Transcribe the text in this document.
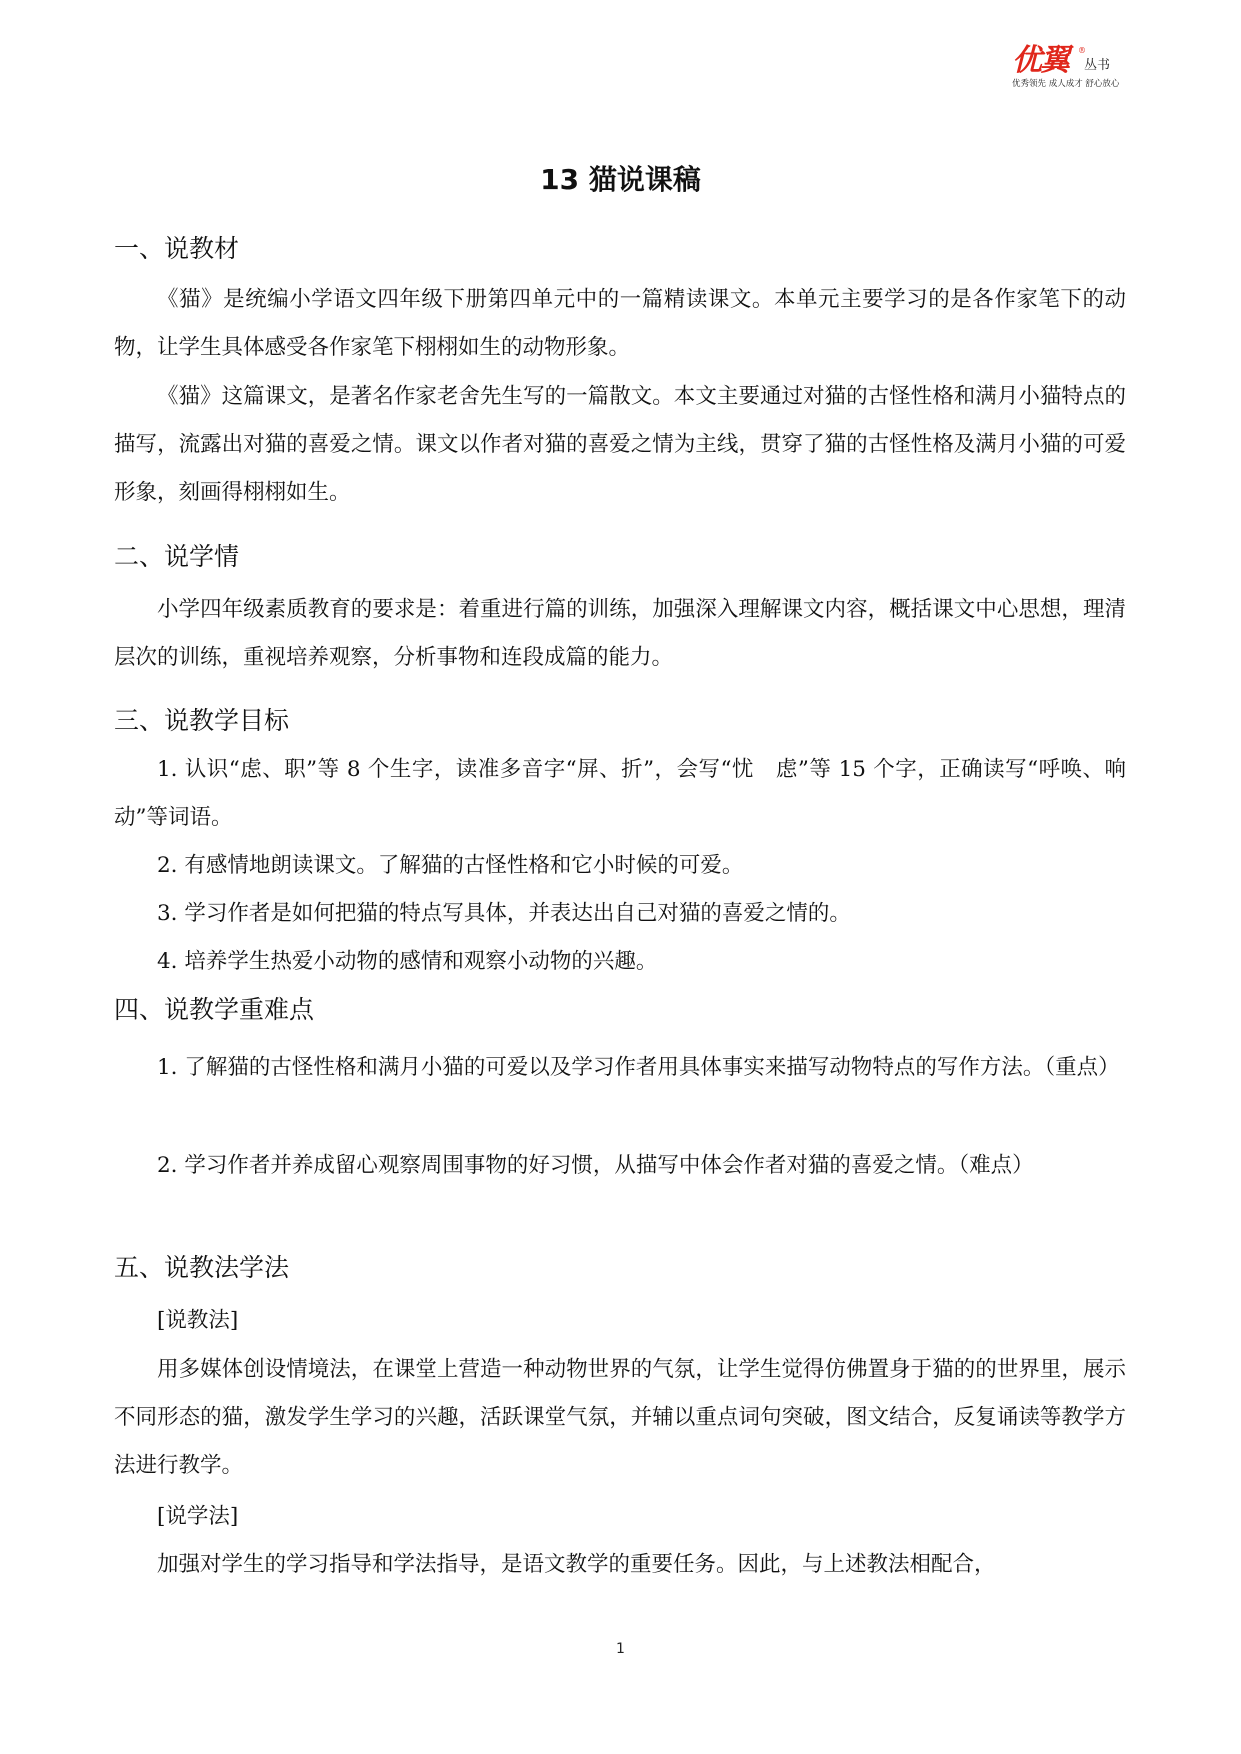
优翼 ®
丛书
优秀领先 成人成才 舒心放心
13 猫说课稿
一、说教材

《猫》是统编小学语文四年级下册第四单元中的一篇精读课文。本单元主要学习的是各作家笔下的动物，让学生具体感受各作家笔下栩栩如生的动物形象。

《猫》这篇课文，是著名作家老舍先生写的一篇散文。本文主要通过对猫的古怪性格和满月小猫特点的描写，流露出对猫的喜爱之情。课文以作者对猫的喜爱之情为主线，贯穿了猫的古怪性格及满月小猫的可爱形象，刻画得栩栩如生。

二、说学情

小学四年级素质教育的要求是：着重进行篇的训练，加强深入理解课文内容，概括课文中心思想，理清层次的训练，重视培养观察，分析事物和连段成篇的能力。

三、说教学目标

1. 认识“虑、职”等 8 个生字，读准多音字“屏、折”，会写“忧　虑”等 15 个字，正确读写“呼唤、响动”等词语。

2. 有感情地朗读课文。了解猫的古怪性格和它小时候的可爱。

3. 学习作者是如何把猫的特点写具体，并表达出自己对猫的喜爱之情的。

4. 培养学生热爱小动物的感情和观察小动物的兴趣。

四、说教学重难点

1. 了解猫的古怪性格和满月小猫的可爱以及学习作者用具体事实来描写动物特点的写作方法。（重点）

2. 学习作者并养成留心观察周围事物的好习惯，从描写中体会作者对猫的喜爱之情。（难点）

五、说教法学法

[说教法]

用多媒体创设情境法，在课堂上营造一种动物世界的气氛，让学生觉得仿佛置身于猫的的世界里，展示不同形态的猫，激发学生学习的兴趣，活跃课堂气氛，并辅以重点词句突破，图文结合，反复诵读等教学方法进行教学。

[说学法]

加强对学生的学习指导和学法指导，是语文教学的重要任务。因此，与上述教法相配合，

1
